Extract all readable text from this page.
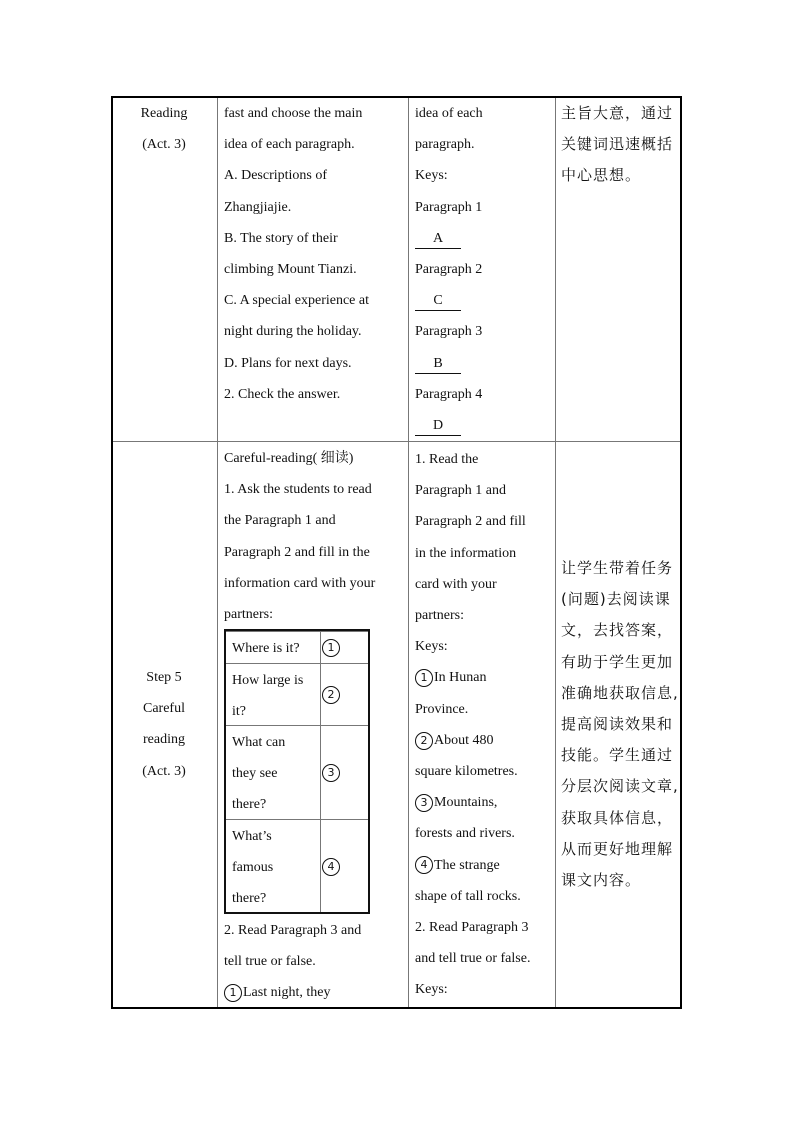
Reading

(Act. 3)

fast and choose the main

idea of each paragraph.

A. Descriptions of

Zhangjiajie.

B. The story of their

climbing Mount Tianzi.

C. A special experience at

night during the holiday.

D. Plans for next days.

2. Check the answer.

idea of each

paragraph.

Keys:

Paragraph 1

A

Paragraph 2

C

Paragraph 3

B

Paragraph 4

D

主旨大意，通过

关键词迅速概括

中心思想。

Step 5

Careful

reading

(Act. 3)

Careful-reading( 细读)

1. Ask the students to read

the Paragraph 1 and

Paragraph 2 and fill in the

information card with your

partners:

Where is it?	1

How large is

it?

2

What can

they see

there?

3

What’s

famous

there?

4

2. Read Paragraph 3 and

tell true or false.

1 Last night, they

1. Read the

Paragraph 1 and

Paragraph 2 and fill

in the information

card with your

partners:

Keys:

1 In Hunan

Province.

2 About 480

square kilometres.

3 Mountains,

forests and rivers.

4 The strange

shape of tall rocks.

2. Read Paragraph 3

and tell true or false.

Keys:

让学生带着任务

(问题)去阅读课

文，去找答案，

有助于学生更加

准确地获取信息,

提高阅读效果和

技能。学生通过

分层次阅读文章,

获取具体信息，

从而更好地理解

课文内容。
